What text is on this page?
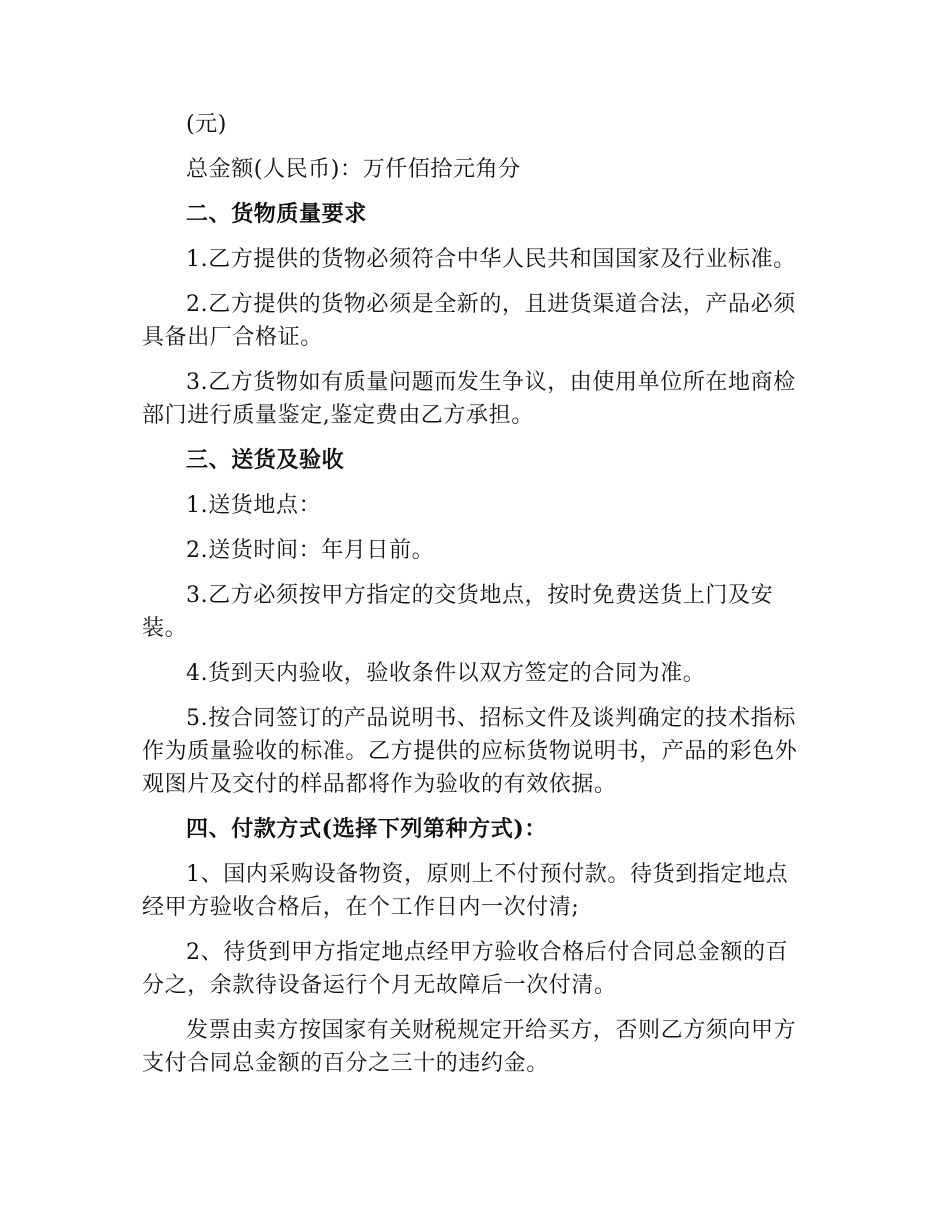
(元)

总金额(人民币)：万仟佰拾元角分

二、货物质量要求

1.乙方提供的货物必须符合中华人民共和国国家及行业标准。

2.乙方提供的货物必须是全新的，且进货渠道合法，产品必须具备出厂合格证。

3.乙方货物如有质量问题而发生争议，由使用单位所在地商检部门进行质量鉴定,鉴定费由乙方承担。

三、送货及验收

1.送货地点：

2.送货时间：年月日前。

3.乙方必须按甲方指定的交货地点，按时免费送货上门及安装。

4.货到天内验收，验收条件以双方签定的合同为准。

5.按合同签订的产品说明书、招标文件及谈判确定的技术指标作为质量验收的标准。乙方提供的应标货物说明书，产品的彩色外观图片及交付的样品都将作为验收的有效依据。

四、付款方式(选择下列第种方式)：

1、国内采购设备物资，原则上不付预付款。待货到指定地点经甲方验收合格后，在个工作日内一次付清;

2、待货到甲方指定地点经甲方验收合格后付合同总金额的百分之，余款待设备运行个月无故障后一次付清。

发票由卖方按国家有关财税规定开给买方，否则乙方须向甲方支付合同总金额的百分之三十的违约金。
